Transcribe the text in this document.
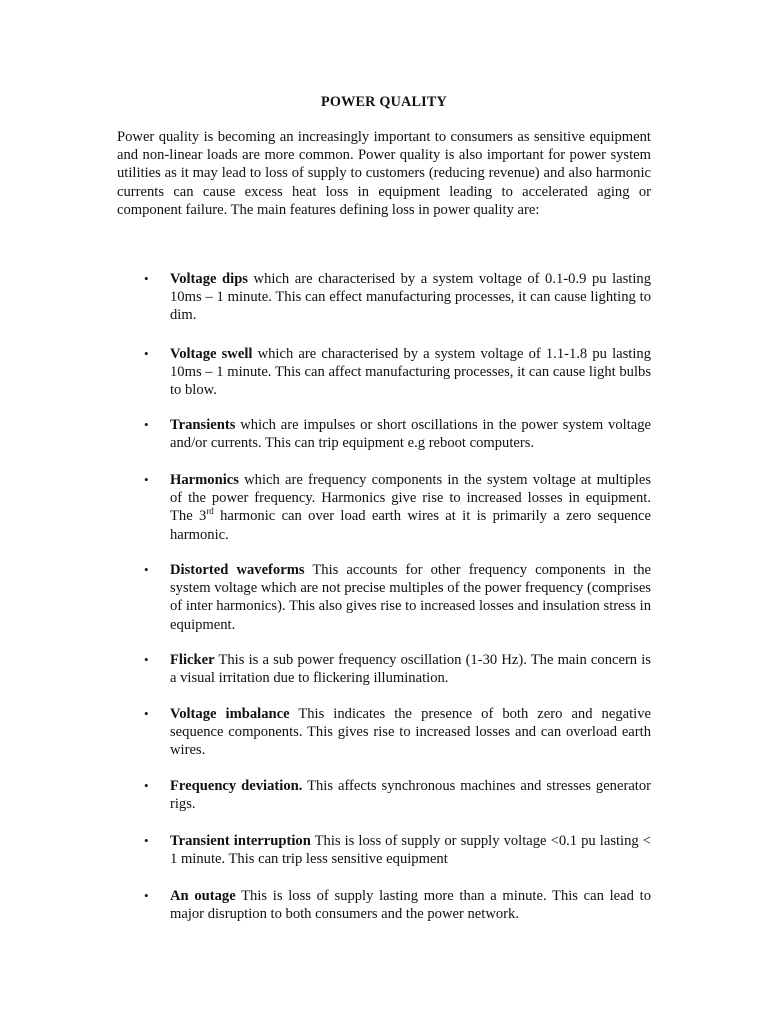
POWER QUALITY

Power quality is becoming an increasingly important to consumers as sensitive equipment and non-linear loads are more common. Power quality is also important for power system utilities as it may lead to loss of supply to customers (reducing revenue) and also harmonic currents can cause excess heat loss in equipment leading to accelerated aging or component failure. The main features defining loss in power quality are:

• Voltage dips which are characterised by a system voltage of 0.1-0.9 pu lasting 10ms – 1 minute. This can effect manufacturing processes, it can cause lighting to dim.
• Voltage swell which are characterised by a system voltage of 1.1-1.8 pu lasting 10ms – 1 minute. This can affect manufacturing processes, it can cause light bulbs to blow.
• Transients which are impulses or short oscillations in the power system voltage and/or currents. This can trip equipment e.g reboot computers.
• Harmonics which are frequency components in the system voltage at multiples of the power frequency. Harmonics give rise to increased losses in equipment. The 3rd harmonic can over load earth wires at it is primarily a zero sequence harmonic.
• Distorted waveforms This accounts for other frequency components in the system voltage which are not precise multiples of the power frequency (comprises of inter harmonics). This also gives rise to increased losses and insulation stress in equipment.
• Flicker This is a sub power frequency oscillation (1-30 Hz). The main concern is a visual irritation due to flickering illumination.
• Voltage imbalance This indicates the presence of both zero and negative sequence components. This gives rise to increased losses and can overload earth wires.
• Frequency deviation. This affects synchronous machines and stresses generator rigs.
• Transient interruption This is loss of supply or supply voltage <0.1 pu lasting < 1 minute. This can trip less sensitive equipment
• An outage This is loss of supply lasting more than a minute. This can lead to major disruption to both consumers and the power network.
